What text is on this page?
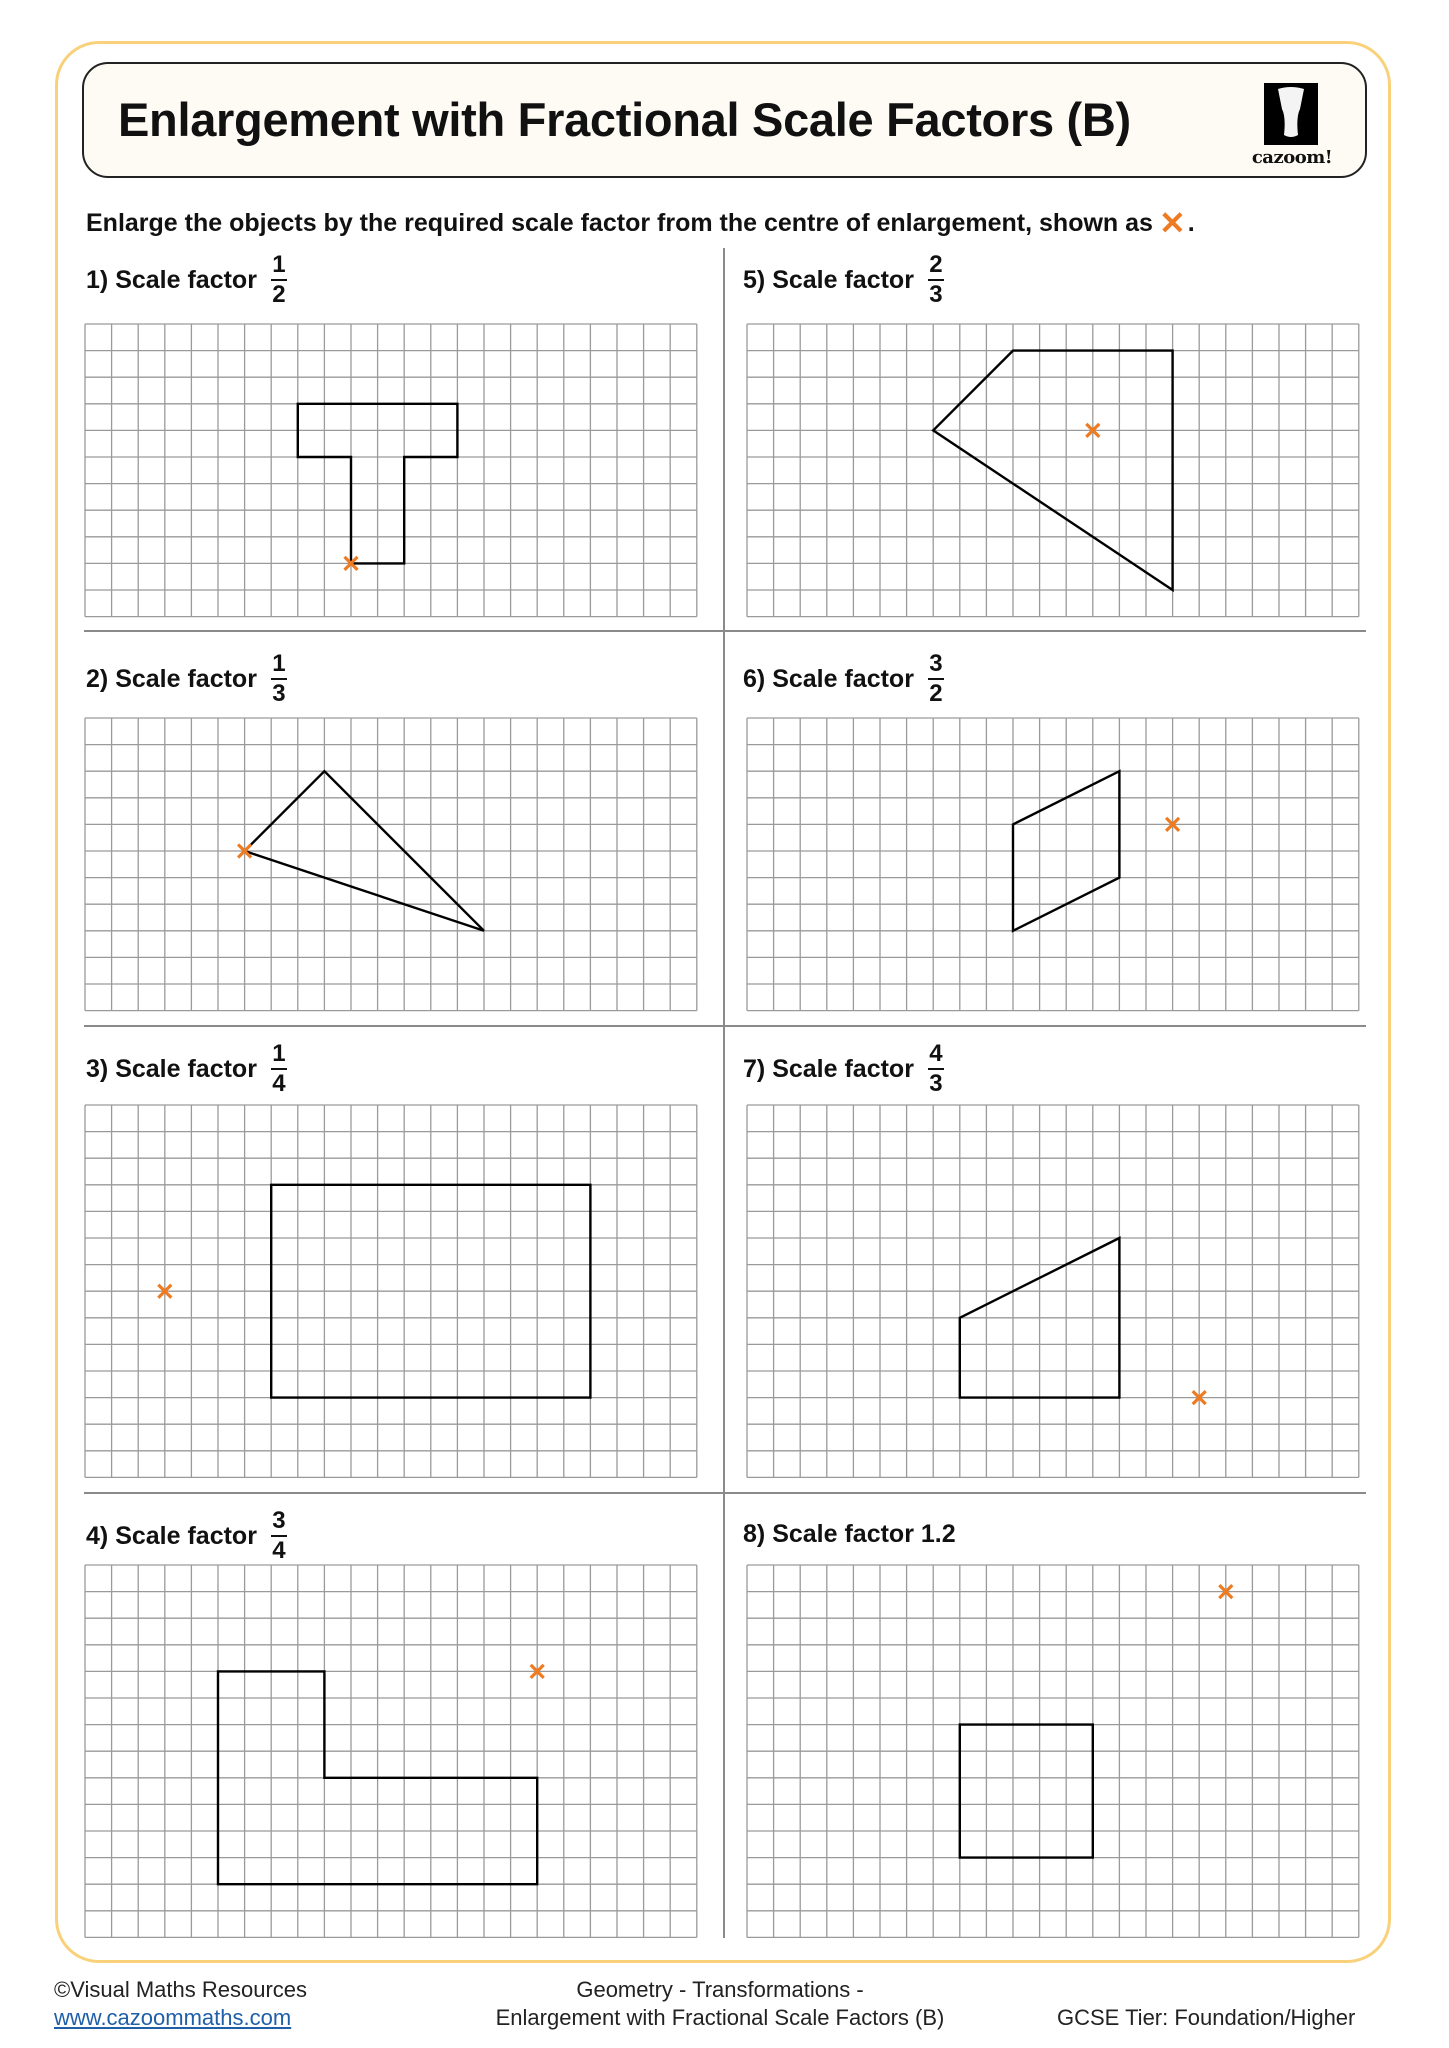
Enlargement with Fractional Scale Factors (B)
cazoom!
Enlarge the objects by the required scale factor from the centre of enlargement, shown as ✕.
1)
Scale factor $\frac{1}{2}$
2)
Scale factor $\frac{1}{3}$
3)
Scale factor $\frac{1}{4}$
4)
Scale factor $\frac{3}{4}$
5)
Scale factor $\frac{2}{3}$
6)
Scale factor $\frac{3}{2}$
7)
Scale factor $\frac{4}{3}$
8)
Scale factor 1.2
©Visual Maths Resources
www.cazoommaths.com
Geometry - Transformations -
Enlargement with Fractional Scale Factors (B)	GCSE Tier: Foundation/Higher
